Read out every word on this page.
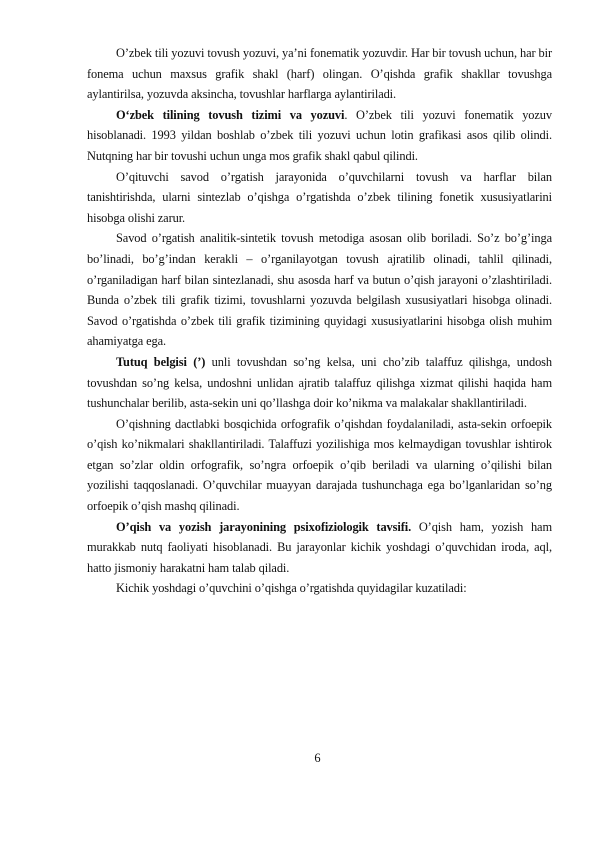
O’zbek tili yozuvi tovush yozuvi, ya’ni fonematik yozuvdir. Har bir tovush uchun, har bir fonema uchun maxsus grafik shakl (harf) olingan. O’qishda grafik shakllar tovushga aylantirilsa, yozuvda aksincha, tovushlar harflarga aylantiriladi.

O‘zbek tilining tovush tizimi va yozuvi. O’zbek tili yozuvi fonematik yozuv hisoblanadi. 1993 yildan boshlab o’zbek tili yozuvi uchun lotin grafikasi asos qilib olindi. Nutqning har bir tovushi uchun unga mos grafik shakl qabul qilindi.

O’qituvchi savod o’rgatish jarayonida o’quvchilarni tovush va harflar bilan tanishtirishda, ularni sintezlab o’qishga o’rgatishda o’zbek tilining fonetik xususiyatlarini hisobga olishi zarur.

Savod o’rgatish analitik-sintetik tovush metodiga asosan olib boriladi. So’z bo’g’inga bo’linadi, bo’g’indan kerakli – o’rganilayotgan tovush ajratilib olinadi, tahlil qilinadi, o’rganiladigan harf bilan sintezlanadi, shu asosda harf va butun o’qish jarayoni o’zlashtiriladi. Bunda o’zbek tili grafik tizimi, tovushlarni yozuvda belgilash xususiyatlari hisobga olinadi. Savod o’rgatishda o’zbek tili grafik tizimining quyidagi xususiyatlarini hisobga olish muhim ahamiyatga ega.

Tutuq belgisi (’) unli tovushdan so’ng kelsa, uni cho’zib talaffuz qilishga, undosh tovushdan so’ng kelsa, undoshni unlidan ajratib talaffuz qilishga xizmat qilishi haqida ham tushunchalar berilib, asta-sekin uni qo’llashga doir ko’nikma va malakalar shakllantiriladi.

O’qishning dactlabki bosqichida orfografik o’qishdan foydalaniladi, asta-sekin orfoepik o’qish ko’nikmalari shakllantiriladi. Talaffuzi yozilishiga mos kelmaydigan tovushlar ishtirok etgan so’zlar oldin orfografik, so’ngra orfoepik o’qib beriladi va ularning o’qilishi bilan yozilishi taqqoslanadi. O’quvchilar muayyan darajada tushunchaga ega bo’lganlaridan so’ng orfoepik o’qish mashq qilinadi.

O’qish va yozish jarayonining psixofiziologik tavsifi. O’qish ham, yozish ham murakkab nutq faoliyati hisoblanadi. Bu jarayonlar kichik yoshdagi o’quvchidan iroda, aql, hatto jismoniy harakatni ham talab qiladi.

Kichik yoshdagi o’quvchini o’qishga o’rgatishda quyidagilar kuzatiladi:

6
